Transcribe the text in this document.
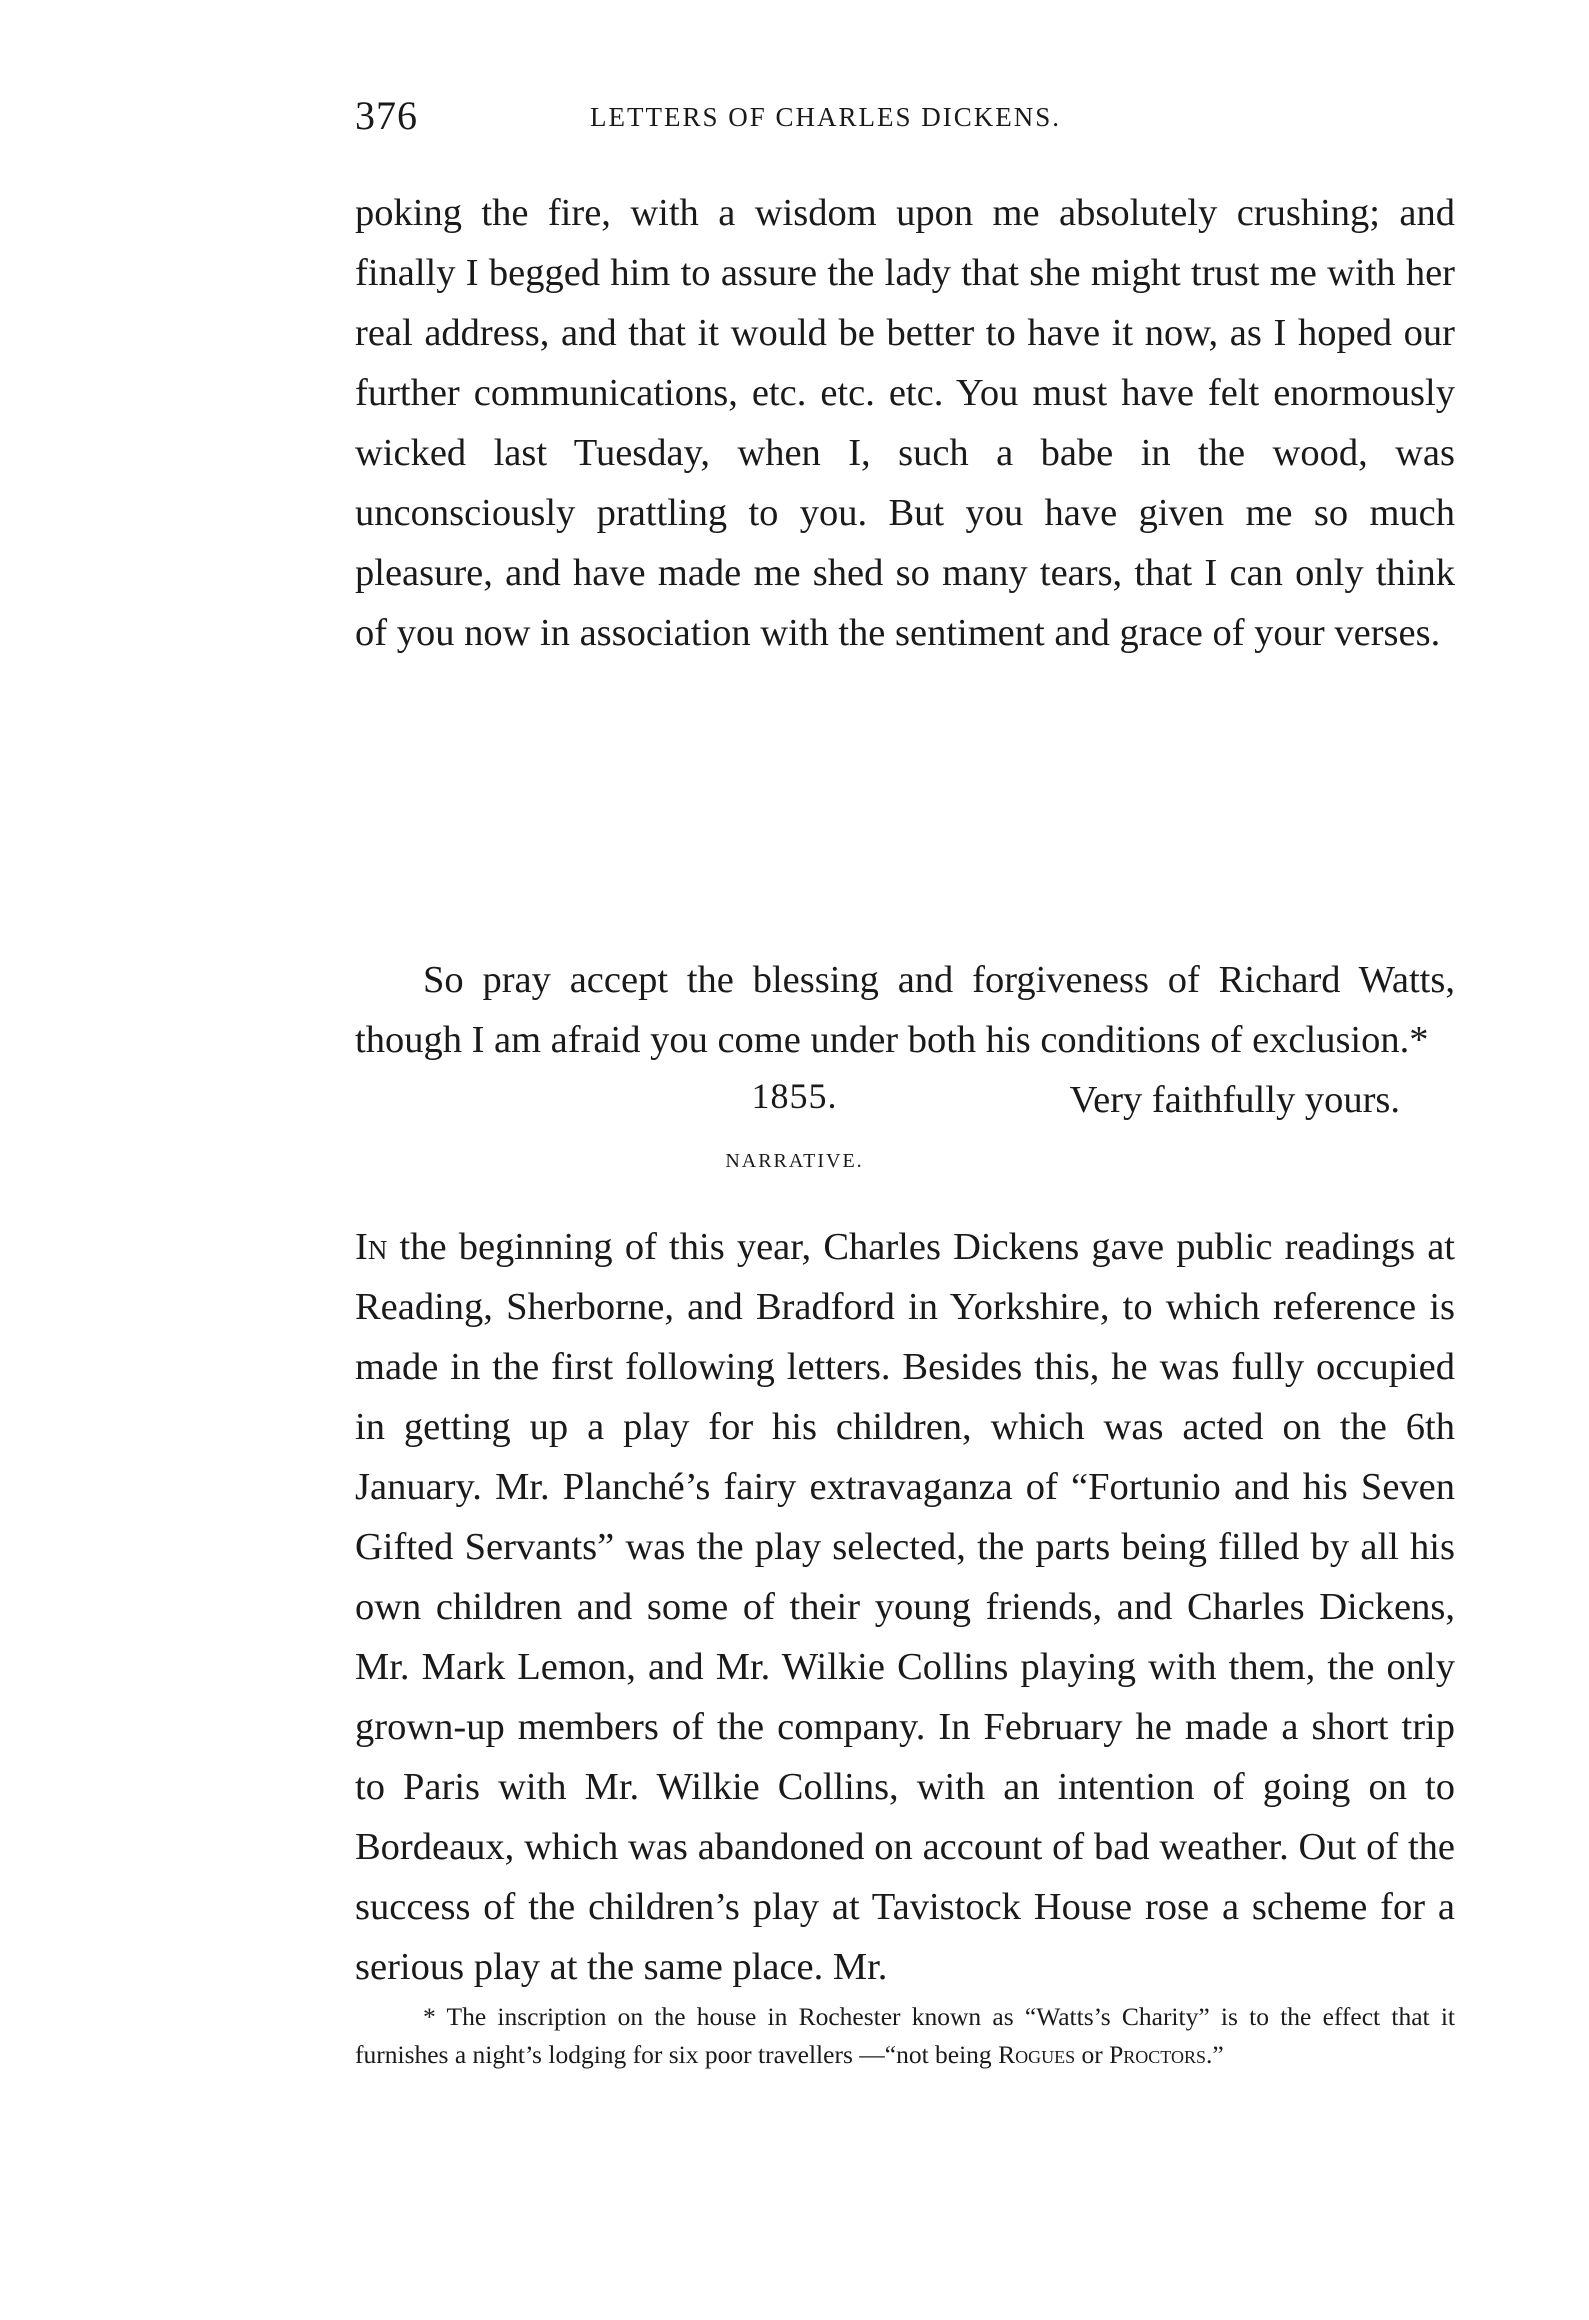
376	LETTERS OF CHARLES DICKENS.
poking the fire, with a wisdom upon me absolutely crushing; and finally I begged him to assure the lady that she might trust me with her real address, and that it would be better to have it now, as I hoped our further communications, etc. etc. etc. You must have felt enormously wicked last Tuesday, when I, such a babe in the wood, was unconsciously prattling to you. But you have given me so much pleasure, and have made me shed so many tears, that I can only think of you now in association with the sentiment and grace of your verses.
So pray accept the blessing and forgiveness of Richard Watts, though I am afraid you come under both his conditions of exclusion.*

Very faithfully yours.
1855.
NARRATIVE.
In the beginning of this year, Charles Dickens gave public readings at Reading, Sherborne, and Bradford in Yorkshire, to which reference is made in the first following letters. Besides this, he was fully occupied in getting up a play for his children, which was acted on the 6th January. Mr. Planché’s fairy extravaganza of “Fortunio and his Seven Gifted Servants” was the play selected, the parts being filled by all his own children and some of their young friends, and Charles Dickens, Mr. Mark Lemon, and Mr. Wilkie Collins playing with them, the only grown-up members of the company. In February he made a short trip to Paris with Mr. Wilkie Collins, with an intention of going on to Bordeaux, which was abandoned on account of bad weather. Out of the success of the children’s play at Tavistock House rose a scheme for a serious play at the same place. Mr.
* The inscription on the house in Rochester known as “Watts’s Charity” is to the effect that it furnishes a night’s lodging for six poor travellers —“not being Rogues or Proctors.”
